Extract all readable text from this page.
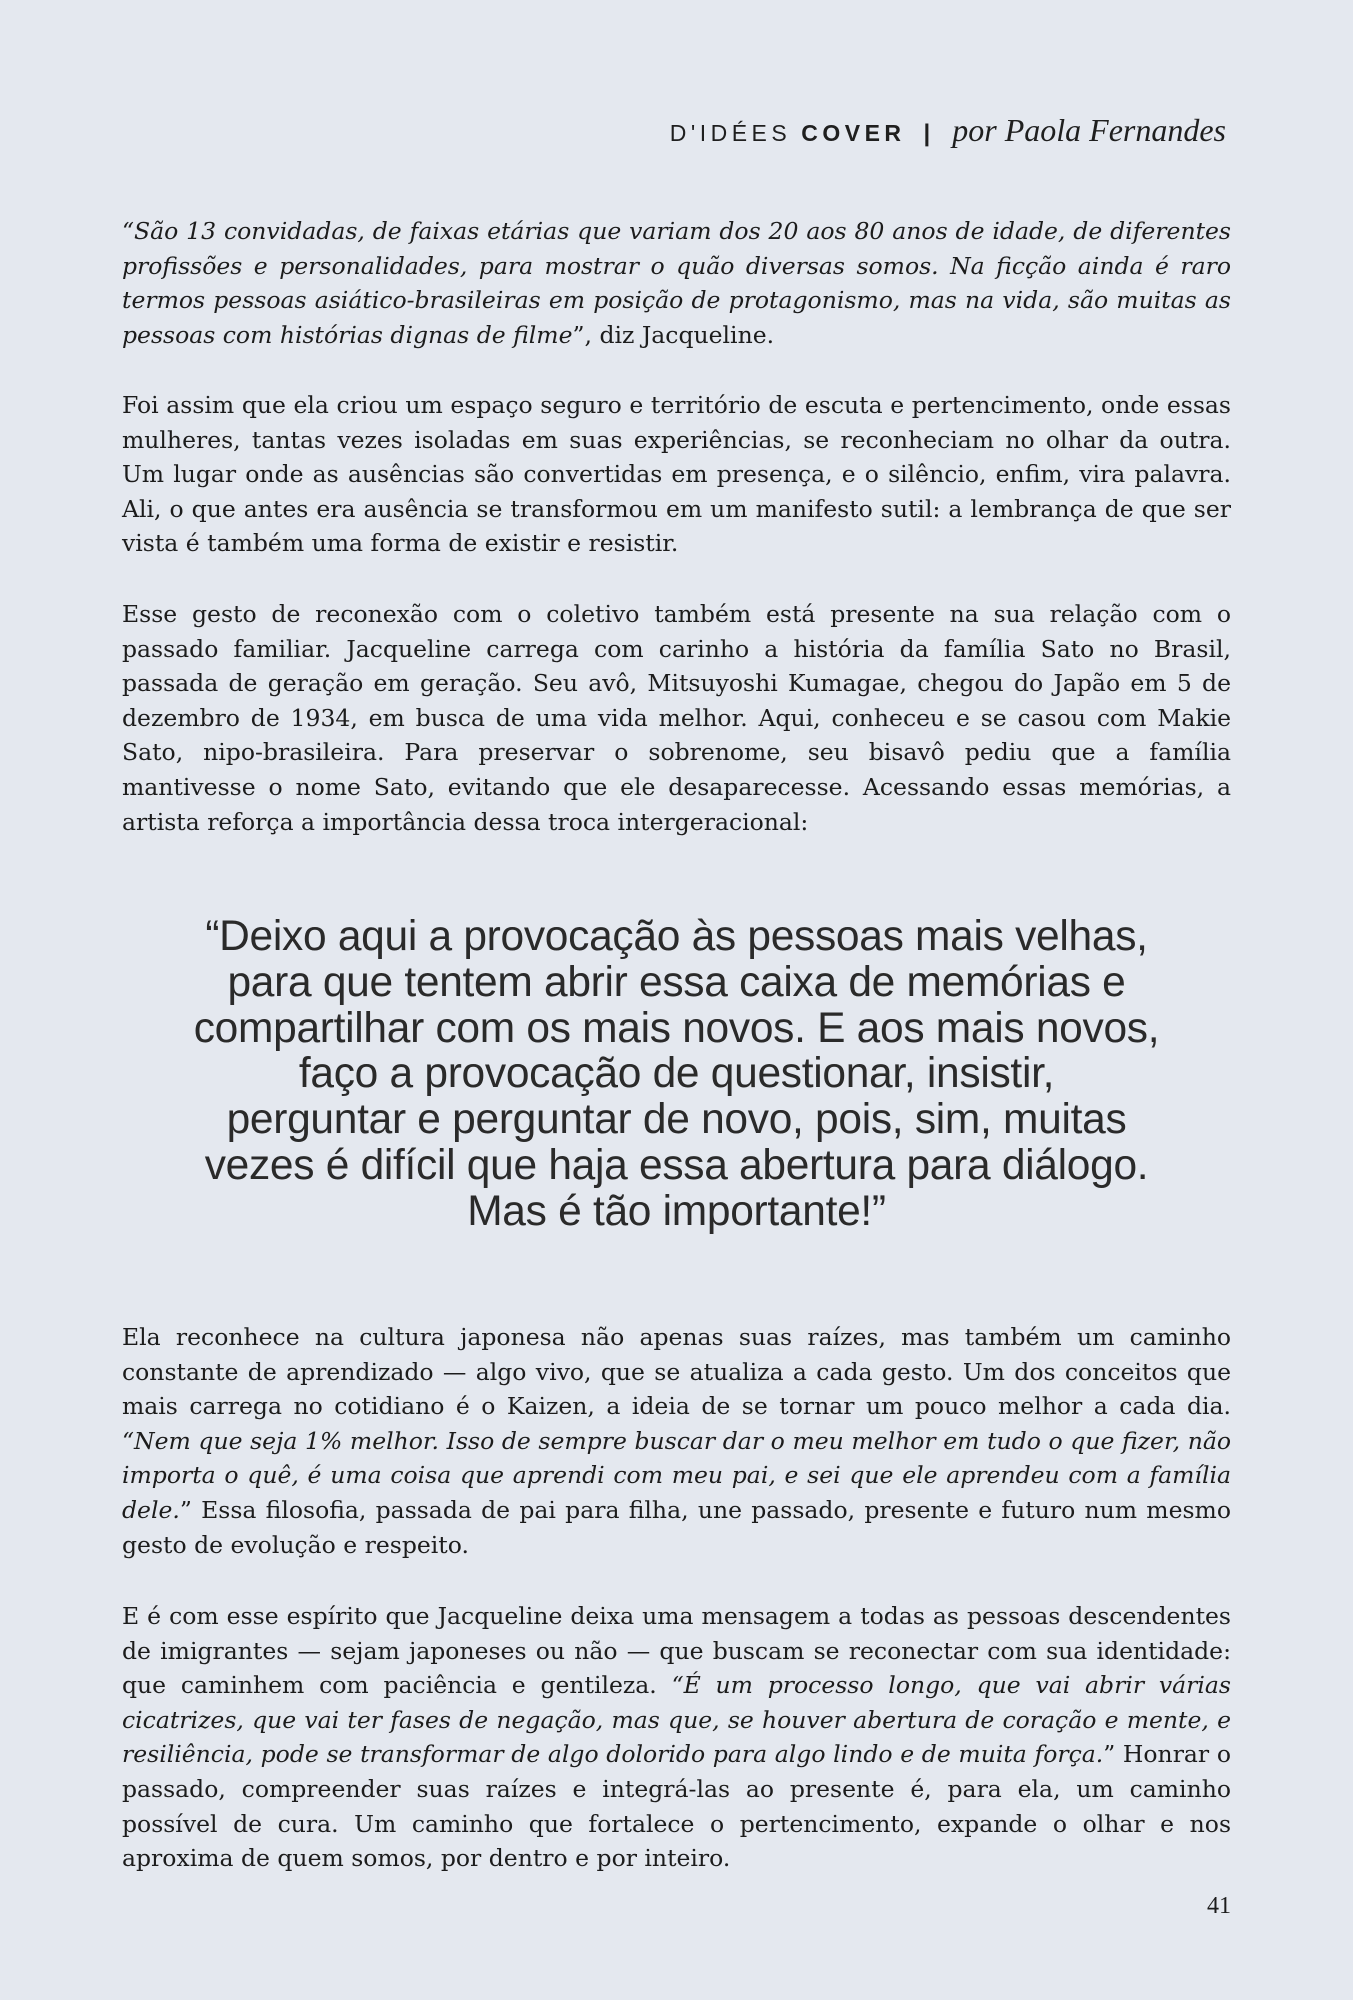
D'IDÉES COVER | por Paola Fernandes

“São 13 convidadas, de faixas etárias que variam dos 20 aos 80 anos de idade, de diferentes profissões e personalidades, para mostrar o quão diversas somos. Na ficção ainda é raro termos pessoas asiático-brasileiras em posição de protagonismo, mas na vida, são muitas as pessoas com histórias dignas de filme”, diz Jacqueline.

Foi assim que ela criou um espaço seguro e território de escuta e pertencimento, onde essas mulheres, tantas vezes isoladas em suas experiências, se reconheciam no olhar da outra. Um lugar onde as ausências são convertidas em presença, e o silêncio, enfim, vira palavra. Ali, o que antes era ausência se transformou em um manifesto sutil: a lembrança de que ser vista é também uma forma de existir e resistir.

Esse gesto de reconexão com o coletivo também está presente na sua relação com o passado familiar. Jacqueline carrega com carinho a história da família Sato no Brasil, passada de geração em geração. Seu avô, Mitsuyoshi Kumagae, chegou do Japão em 5 de dezembro de 1934, em busca de uma vida melhor. Aqui, conheceu e se casou com Makie Sato, nipo-brasileira. Para preservar o sobrenome, seu bisavô pediu que a família mantivesse o nome Sato, evitando que ele desaparecesse. Acessando essas memórias, a artista reforça a importância dessa troca intergeracional:

“Deixo aqui a provocação às pessoas mais velhas,
para que tentem abrir essa caixa de memórias e
compartilhar com os mais novos. E aos mais novos,
faço a provocação de questionar, insistir,
perguntar e perguntar de novo, pois, sim, muitas
vezes é difícil que haja essa abertura para diálogo.
Mas é tão importante!”

Ela reconhece na cultura japonesa não apenas suas raízes, mas também um caminho constante de aprendizado — algo vivo, que se atualiza a cada gesto. Um dos conceitos que mais carrega no cotidiano é o Kaizen, a ideia de se tornar um pouco melhor a cada dia. “Nem que seja 1% melhor. Isso de sempre buscar dar o meu melhor em tudo o que fizer, não importa o quê, é uma coisa que aprendi com meu pai, e sei que ele aprendeu com a família dele.” Essa filosofia, passada de pai para filha, une passado, presente e futuro num mesmo gesto de evolução e respeito.

E é com esse espírito que Jacqueline deixa uma mensagem a todas as pessoas descendentes de imigrantes — sejam japoneses ou não — que buscam se reconectar com sua identidade: que caminhem com paciência e gentileza. “É um processo longo, que vai abrir várias cicatrizes, que vai ter fases de negação, mas que, se houver abertura de coração e mente, e resiliência, pode se transformar de algo dolorido para algo lindo e de muita força.” Honrar o passado, compreender suas raízes e integrá-las ao presente é, para ela, um caminho possível de cura. Um caminho que fortalece o pertencimento, expande o olhar e nos aproxima de quem somos, por dentro e por inteiro.

41
